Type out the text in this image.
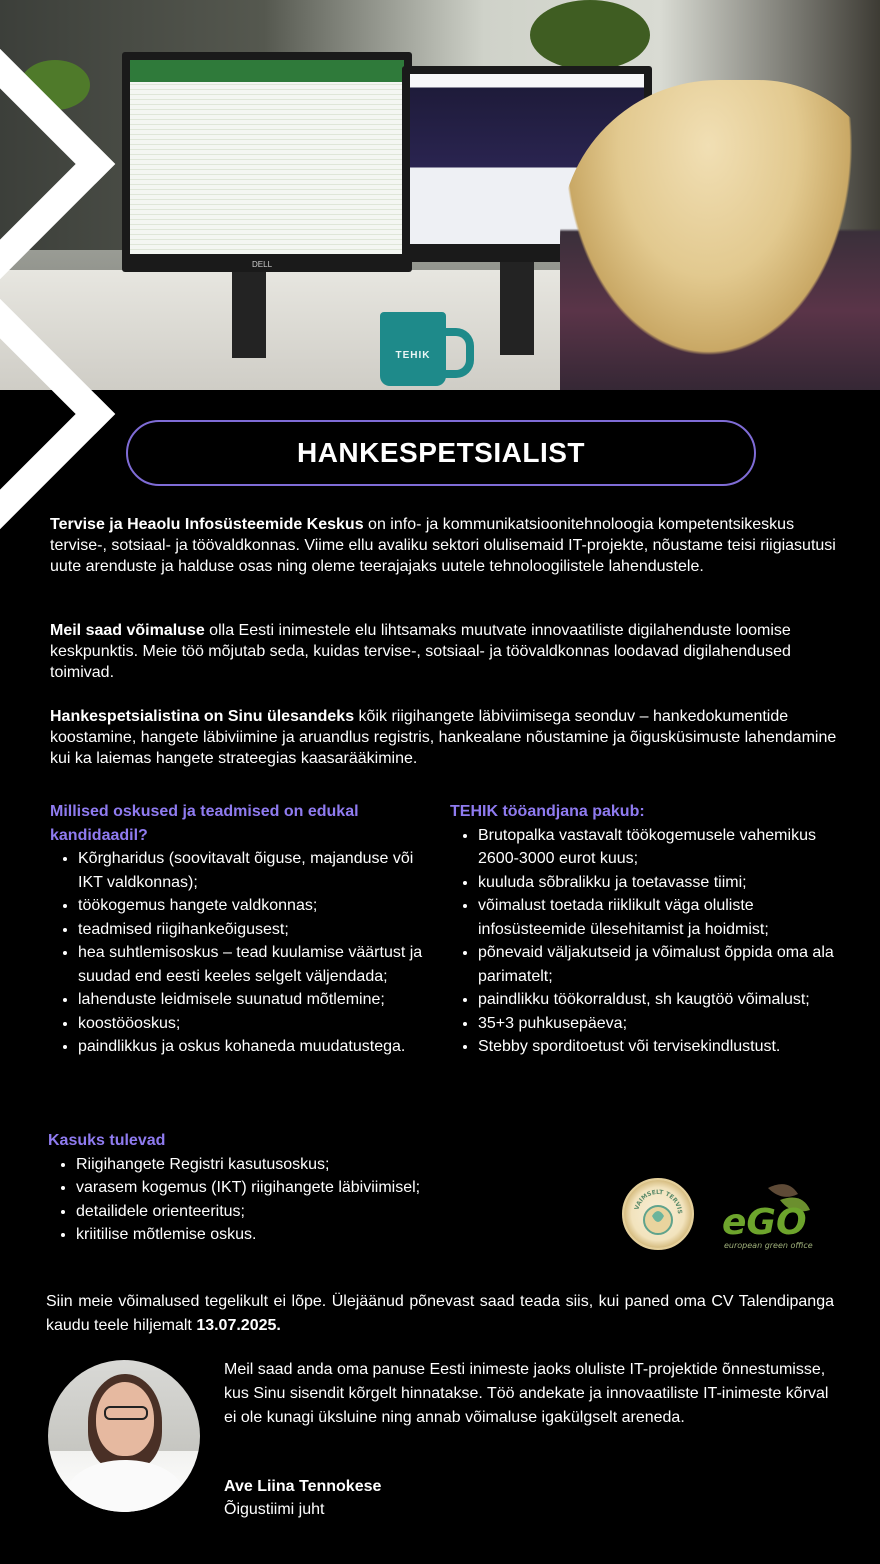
DELL
TEHIK
HANKESPETSIALIST

Tervise ja Heaolu Infosüsteemide Keskus on info- ja kommunikatsioonitehnoloogia kompetentsikeskus tervise-, sotsiaal- ja töövaldkonnas. Viime ellu avaliku sektori olulisemaid IT-projekte, nõustame teisi riigiasutusi uute arenduste ja halduse osas ning oleme teerajajaks uutele tehnoloogilistele lahendustele.

Meil saad võimaluse olla Eesti inimestele elu lihtsamaks muutvate innovaatiliste digilahenduste loomise keskpunktis. Meie töö mõjutab seda, kuidas tervise-, sotsiaal- ja töövaldkonnas loodavad digilahendused toimivad.

Hankespetsialistina on Sinu ülesandeks kõik riigihangete läbiviimisega seonduv – hankedokumentide koostamine, hangete läbiviimine ja aruandlus registris, hankealane nõustamine ja õigusküsimuste lahendamine kui ka laiemas hangete strateegias kaasarääkimine.

Millised oskused ja teadmised on edukal kandidaadil?
• Kõrgharidus (soovitavalt õiguse, majanduse või IKT valdkonnas);
• töökogemus hangete valdkonnas;
• teadmised riigihankeõigusest;
• hea suhtlemisoskus – tead kuulamise väärtust ja suudad end eesti keeles selgelt väljendada;
• lahenduste leidmisele suunatud mõtlemine;
• koostööoskus;
• paindlikkus ja oskus kohaneda muudatustega.
TEHIK tööandjana pakub:
• Brutopalka vastavalt töökogemusele vahemikus 2600-3000 eurot kuus;
• kuuluda sõbralikku ja toetavasse tiimi;
• võimalust toetada riiklikult väga oluliste infosüsteemide ülesehitamist ja hoidmist;
• põnevaid väljakutseid ja võimalust õppida oma ala parimatelt;
• paindlikku töökorraldust, sh kaugtöö võimalust;
• 35+3 puhkusepäeva;
• Stebby sporditoetust või tervisekindlustust.
Kasuks tulevad
• Riigihangete Registri kasutusoskus;
• varasem kogemus (IKT) riigihangete läbiviimisel;
• detailidele orienteeritus;
• kriitilise mõtlemise oskus.
VAIMSELT TERVIS eGO
european green office
Siin meie võimalused tegelikult ei lõpe. Ülejäänud põnevast saad teada siis, kui paned oma CV Talendipanga kaudu teele hiljemalt 13.07.2025.
Meil saad anda oma panuse Eesti inimeste jaoks oluliste IT-projektide õnnestumisse, kus Sinu sisendit kõrgelt hinnatakse. Töö andekate ja innovaatiliste IT-inimeste kõrval ei ole kunagi üksluine ning annab võimaluse igakülgselt areneda.
Ave Liina Tennokese
Õigustiimi juht
